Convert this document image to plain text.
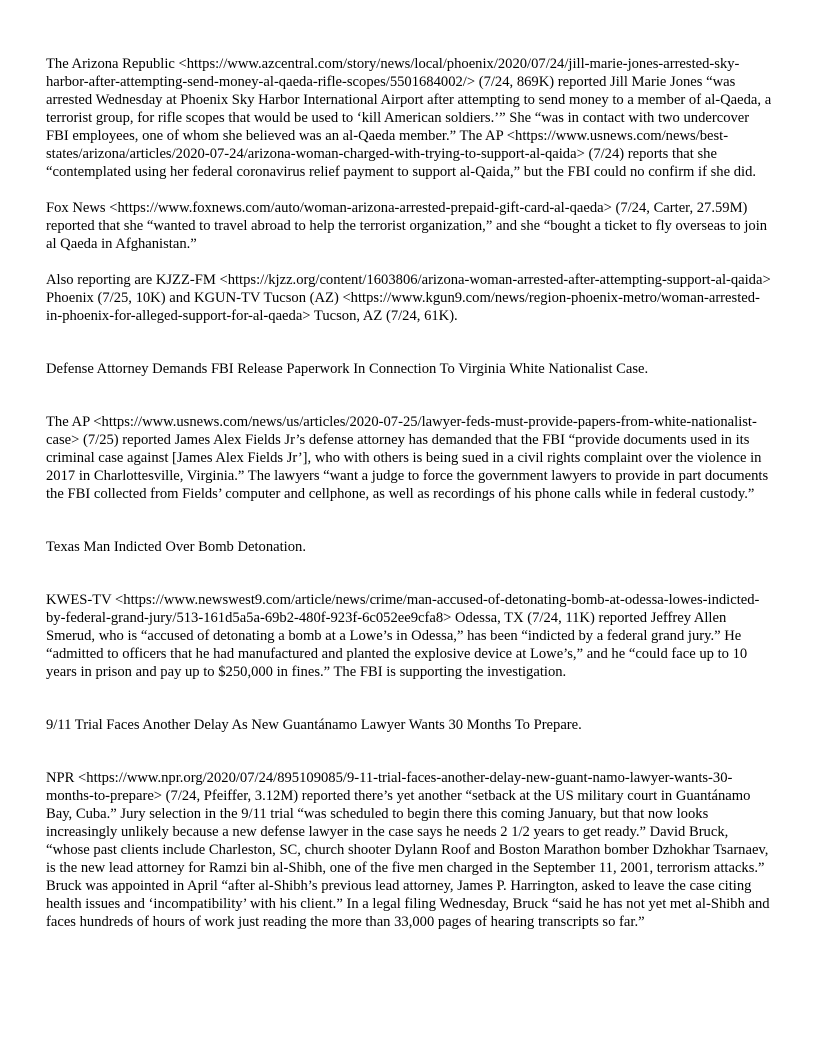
The Arizona Republic <https://www.azcentral.com/story/news/local/phoenix/2020/07/24/jill-marie-jones-arrested-sky-harbor-after-attempting-send-money-al-qaeda-rifle-scopes/5501684002/> (7/24, 869K) reported Jill Marie Jones “was arrested Wednesday at Phoenix Sky Harbor International Airport after attempting to send money to a member of al-Qaeda, a terrorist group, for rifle scopes that would be used to ‘kill American soldiers.’” She “was in contact with two undercover FBI employees, one of whom she believed was an al-Qaeda member.” The AP <https://www.usnews.com/news/best-states/arizona/articles/2020-07-24/arizona-woman-charged-with-trying-to-support-al-qaida> (7/24) reports that she “contemplated using her federal coronavirus relief payment to support al-Qaida,” but the FBI could no confirm if she did.

Fox News <https://www.foxnews.com/auto/woman-arizona-arrested-prepaid-gift-card-al-qaeda> (7/24, Carter, 27.59M) reported that she “wanted to travel abroad to help the terrorist organization,” and she “bought a ticket to fly overseas to join al Qaeda in Afghanistan.”

Also reporting are KJZZ-FM <https://kjzz.org/content/1603806/arizona-woman-arrested-after-attempting-support-al-qaida> Phoenix (7/25, 10K) and KGUN-TV Tucson (AZ) <https://www.kgun9.com/news/region-phoenix-metro/woman-arrested-in-phoenix-for-alleged-support-for-al-qaeda> Tucson, AZ (7/24, 61K).

Defense Attorney Demands FBI Release Paperwork In Connection To Virginia White Nationalist Case.

The AP <https://www.usnews.com/news/us/articles/2020-07-25/lawyer-feds-must-provide-papers-from-white-nationalist-case> (7/25) reported James Alex Fields Jr’s defense attorney has demanded that the FBI “provide documents used in its criminal case against [James Alex Fields Jr’], who with others is being sued in a civil rights complaint over the violence in 2017 in Charlottesville, Virginia.” The lawyers “want a judge to force the government lawyers to provide in part documents the FBI collected from Fields’ computer and cellphone, as well as recordings of his phone calls while in federal custody.”

Texas Man Indicted Over Bomb Detonation.

KWES-TV <https://www.newswest9.com/article/news/crime/man-accused-of-detonating-bomb-at-odessa-lowes-indicted-by-federal-grand-jury/513-161d5a5a-69b2-480f-923f-6c052ee9cfa8> Odessa, TX (7/24, 11K) reported Jeffrey Allen Smerud, who is “accused of detonating a bomb at a Lowe’s in Odessa,” has been “indicted by a federal grand jury.” He “admitted to officers that he had manufactured and planted the explosive device at Lowe’s,” and he “could face up to 10 years in prison and pay up to $250,000 in fines.” The FBI is supporting the investigation.

9/11 Trial Faces Another Delay As New Guantánamo Lawyer Wants 30 Months To Prepare.

NPR <https://www.npr.org/2020/07/24/895109085/9-11-trial-faces-another-delay-new-guant-namo-lawyer-wants-30-months-to-prepare> (7/24, Pfeiffer, 3.12M) reported there’s yet another “setback at the US military court in Guantánamo Bay, Cuba.” Jury selection in the 9/11 trial “was scheduled to begin there this coming January, but that now looks increasingly unlikely because a new defense lawyer in the case says he needs 2 1/2 years to get ready.” David Bruck, “whose past clients include Charleston, SC, church shooter Dylann Roof and Boston Marathon bomber Dzhokhar Tsarnaev, is the new lead attorney for Ramzi bin al-Shibh, one of the five men charged in the September 11, 2001, terrorism attacks.” Bruck was appointed in April “after al-Shibh’s previous lead attorney, James P. Harrington, asked to leave the case citing health issues and ‘incompatibility’ with his client.” In a legal filing Wednesday, Bruck “said he has not yet met al-Shibh and faces hundreds of hours of work just reading the more than 33,000 pages of hearing transcripts so far.”
